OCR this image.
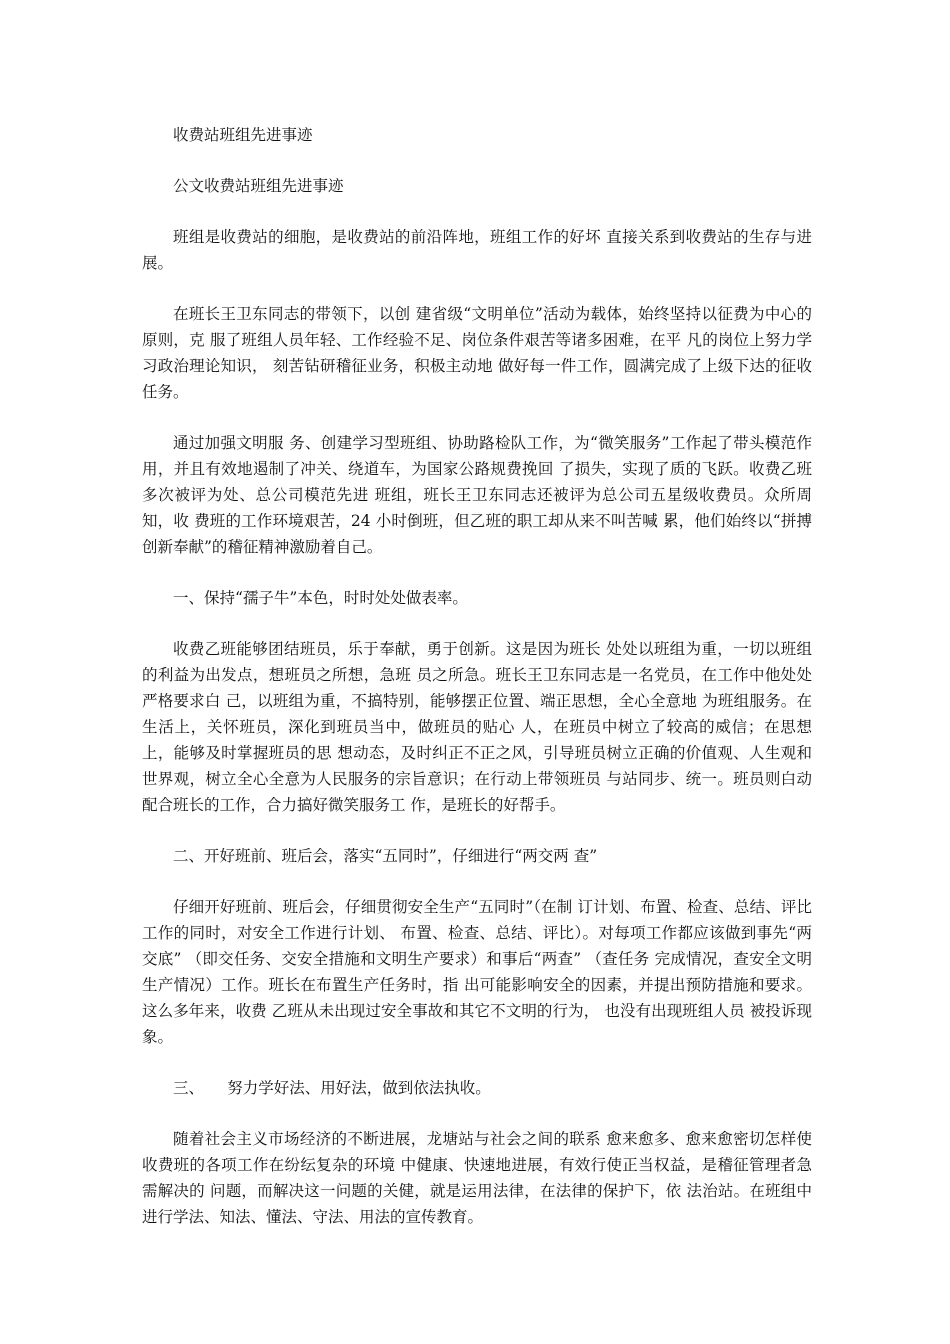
收费站班组先进事迹

公文收费站班组先进事迹

班组是收费站的细胞，是收费站的前沿阵地，班组工作的好坏 直接关系到收费站的生存与进展。

在班长王卫东同志的带领下，以创 建省级“文明单位”活动为载体，始终坚持以征费为中心的原则，克 服了班组人员年轻、工作经验不足、岗位条件艰苦等诸多困难，在平 凡的岗位上努力学习政治理论知识， 刻苦钻研稽征业务，积极主动地 做好每一件工作，圆满完成了上级下达的征收任务。

通过加强文明服 务、创建学习型班组、协助路检队工作，为“微笑服务”工作起了带头模范作用，并且有效地遏制了冲关、绕道车，为国家公路规费挽回 了损失，实现了质的飞跃。收费乙班多次被评为处、总公司模范先进 班组，班长王卫东同志还被评为总公司五星级收费员。众所周知，收 费班的工作环境艰苦，24 小时倒班，但乙班的职工却从来不叫苦喊 累，他们始终以“拼搏创新奉献”的稽征精神激励着自己。

一、保持“孺子牛”本色，时时处处做表率。

收费乙班能够团结班员，乐于奉献，勇于创新。这是因为班长 处处以班组为重，一切以班组的利益为出发点，想班员之所想，急班 员之所急。班长王卫东同志是一名党员，在工作中他处处严格要求白 己，以班组为重，不搞特别，能够摆正位置、端正思想，全心全意地 为班组服务。在生活上，关怀班员，深化到班员当中，做班员的贴心 人，在班员中树立了较高的威信；在思想上，能够及时掌握班员的思 想动态，及时纠正不正之风，引导班员树立正确的价值观、人生观和 世界观，树立全心全意为人民服务的宗旨意识；在行动上带领班员 与站同步、统一。班员则白动配合班长的工作，合力搞好微笑服务工 作，是班长的好帮手。

二、开好班前、班后会，落实“五同时”，仔细进行“两交两 查”

仔细开好班前、班后会，仔细贯彻安全生产“五同时”（在制 订计划、布置、检查、总结、评比工作的同时，对安全工作进行计划、 布置、检查、总结、评比）。对每项工作都应该做到事先“两交底” （即交任务、交安全措施和文明生产要求）和事后“两查” （查任务 完成情况，查安全文明生产情况）工作。班长在布置生产任务时，指 出可能影响安全的因素，并提出预防措施和要求。这么多年来，收费 乙班从未出现过安全事故和其它不文明的行为， 也没有出现班组人员 被投诉现象。

三、　　努力学好法、用好法，做到依法执收。

随着社会主义市场经济的不断进展，龙塘站与社会之间的联系 愈来愈多、愈来愈密切怎样使收费班的各项工作在纷纭复杂的环境 中健康、快速地进展，有效行使正当权益，是稽征管理者急需解决的 问题，而解决这一问题的关健，就是运用法律，在法律的保护下，依 法治站。在班组中进行学法、知法、懂法、守法、用法的宣传教育。
